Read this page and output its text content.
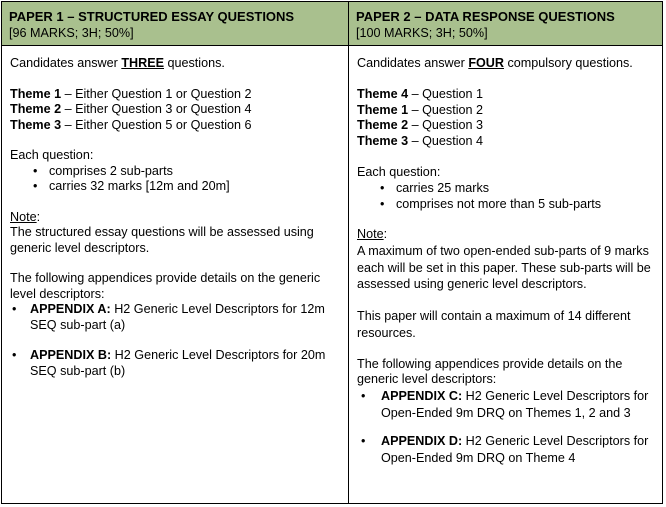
PAPER 1 – STRUCTURED ESSAY QUESTIONS
[96 MARKS; 3H; 50%]

Candidates answer THREE questions.

Theme 1 – Either Question 1 or Question 2
Theme 2 – Either Question 3 or Question 4
Theme 3 – Either Question 5 or Question 6

Each question:

• comprises 2 sub-parts
• carries 32 marks [12m and 20m]

Note:

The structured essay questions will be assessed using generic level descriptors.

The following appendices provide details on the generic level descriptors:

• APPENDIX A: H2 Generic Level Descriptors for 12m SEQ sub-part (a)
• APPENDIX B: H2 Generic Level Descriptors for 20m SEQ sub-part (b)
PAPER 2 – DATA RESPONSE QUESTIONS
[100 MARKS; 3H; 50%]

Candidates answer FOUR compulsory questions.

Theme 4 – Question 1
Theme 1 – Question 2
Theme 2 – Question 3
Theme 3 – Question 4

Each question:

• carries 25 marks
• comprises not more than 5 sub-parts

Note:

A maximum of two open-ended sub-parts of 9 marks each will be set in this paper. These sub-parts will be assessed using generic level descriptors.

This paper will contain a maximum of 14 different resources.

The following appendices provide details on the generic level descriptors:

• APPENDIX C: H2 Generic Level Descriptors for Open-Ended 9m DRQ on Themes 1, 2 and 3
• APPENDIX D: H2 Generic Level Descriptors for Open-Ended 9m DRQ on Theme 4
